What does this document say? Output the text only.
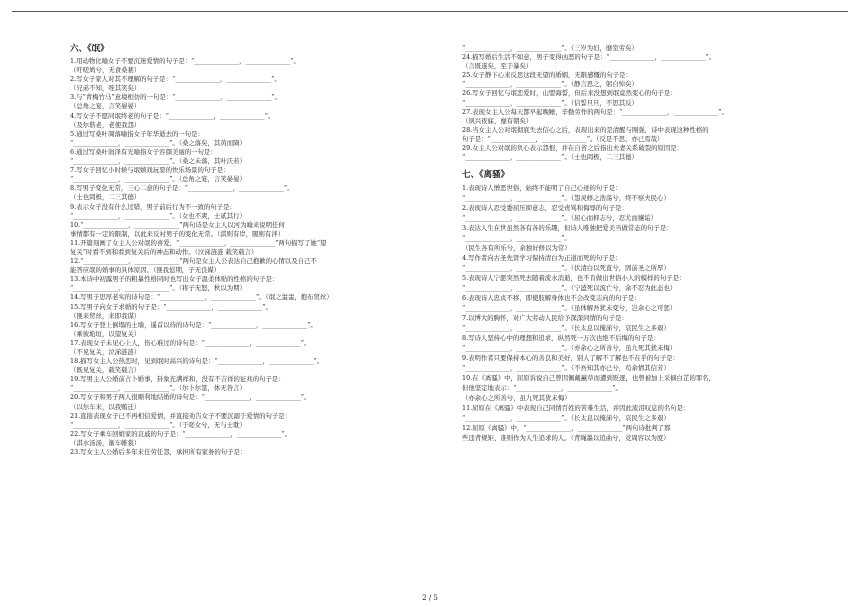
六、《氓》
1.用动物比喻女子不要沉迷爱情的句子是：“______________，______________”。
（吁嗟鸠兮，无食桑葚）
2.写女子家人对其不理解的句子是：“______________，______________”。
（兄弟不知，咥其笑矣）
3.与“青梅竹马”意境相仿的一句是：“______________，______________”。
（总角之宴，言笑晏晏）
4.写女子不愿同氓终老的句子是：“______________，______________”。
（及尔偕老，老使我怨）
5.通过写桑叶凋落喻指女子年华逝去的一句是：
“______________，______________”。（桑之落矣，其黄而陨）
6.通过写桑叶润泽有光喻指女子容颜美丽的一句是：
“______________，______________”。（桑之未落，其叶沃若）
7.写女子回忆小时候与氓嬉戏玩耍的快乐场景的句子是：
“______________，______________”。（总角之宴，言笑晏晏）
8.写男子变化无常，三心二意的句子是：“______________，______________”。
（士也罔极，二三其德）
9.表示女子没有什么过错，男子前后行为不一致的句子是：
“______________，______________”。（女也不爽，士贰其行）
10.“______________，______________”两句诗是女主人以河为喻来说明任何
事情都有一定的限制，以此来反衬男子的变化无常。（淇则有岸，隰则有泮）
11.开篇刻画了女主人公对氓的喜爱，“______________，______________”两句描写了她“望
复关”时看不到和看到复关后的神态和动作。（泣涕涟涟 载笑载言）
12.“______________，______________”两句是女主人公表达自己抱歉的心情以及自己不
能答应氓的婚事的具体原因。（匪我愆期，子无良媒）
13.本诗中初露男子的粗暴性格同时也写出女子温柔体贴的性格的句子是：
“______________，______________”。（将子无怒，秋以为期）
14.写男子思厚老实的诗句是：“______________，______________”。（氓之蚩蚩，抱布贸丝）
15.写男子向女子求婚的句子是：“______________，______________”。
（匪来贸丝，来即我谋）
16.写女子登上倒塌的土墙，遥首以待的诗句是：“______________，______________”。
（乘彼垝垣，以望复关）
17.表现女子未见心上人，伤心难过的诗句是：“______________，______________”。
（不见复关，泣涕涟涟）
18.描写女主人公热恋时，见到氓时高兴的诗句是：“______________，______________”。
（既见复关，载笑载言）
19.写男主人公婚前占卜婚事，卦象充满祥和，没有不吉祥的征兆的句子是：
“______________，______________”。（尔卜尔筮，体无咎言）
20.写女子和男子两人很顺利地结婚的诗句是：“______________，______________”。
（以尔车来，以我贿迁）
21.直接表现女子已不再相信爱情，并直接劝告女子不要沉溺于爱情的句子是：
“______________，______________”。（于嗟女兮，无与士耽）
22.写女子乘车回娘家的哀戚的句子是：“______________，______________”。
（淇水汤汤，渐车帷裳）
23.写女主人公婚后多年来任劳任怨，承担所有家务的句子是：
“______________，______________”。（三岁为妇，靡室劳矣）
24.描写婚后生活不如意，男子变得凶恶的句子是：“______________，______________”。
（言既遂矣，至于暴矣）
25.女子静下心来反思这段无望的婚姻，无限感慨的句子是：
“______________，______________”。（静言思之，躬自悼矣）
26.写女子回忆与氓恋爱时，山盟海誓，但后来没想到氓竟然变心的句子是：
“______________，______________”。（信誓旦旦，不思其反）
27.表现女主人公每天都早起晚睡，辛勤劳作的两句是：“______________，______________”。
（夙兴夜寐，靡有朝矣）
28.当女主人公对氓彻底失去信心之后，表现出来的是清醒与刚强，诗中表现这种性格的
句子是：“______________，______________”。（反是不思，亦已焉哉）
29.女主人公对氓的负心表示怨恨，并在自省之后指出夫妻关系破裂的原因是：
“______________，______________”。（士也罔极，二三其德）
七、《离骚》
1.表现诗人憎恶世俗，始终不能明了自己心迹的句子是：
“______________，______________”。（怨灵修之浩荡兮，终不察夫民心）
2.表现诗人忍受委屈压抑意志，忍受责骂和侮辱的句子是：
“______________，______________”。（屈心而抑志兮，忍尤而攘诟）
3.表达人生在世虽然各有各的乐趣，但诗人唯独把爱美当做常态的句子是：
“______________，______________”。
（民生各有所乐兮，余独好修以为常）
4.写作者向古圣先贤学习保持清白为正道而死的句子是：
“______________，______________”。（伏清白以死直兮，固前圣之所厚）
5.表现诗人宁愿突然死去随着流水消逝，也不肯做出世俗小人的模样的句子是：
“______________，______________”。（宁溘死以流亡兮，余不忍为此态也）
6.表现诗人忠贞不移，即使肢解身体也不会改变志向的句子是：
“______________，______________”。（虽体解吾犹未变兮，岂余心之可惩）
7.以博大的胸怀，对广大劳动人民给予深深同情的句子是：
“______________，______________”。（长太息以掩涕兮，哀民生之多艰）
8.写诗人坚持心中的理想和追求，纵然死一万次也绝不后悔的句子是：
“______________，______________”。（亦余心之所善兮，虽九死其犹未悔）
9.表明作者只要保持本心的善良和美好，别人了解不了解也不在乎的句子是：
“______________，______________”。（不吾知其亦已兮，苟余情其信芳）
10.在《离骚》中，屈原诉说自己曾因佩戴蕙草而遭到贬逐，也曾被加上采摘白芷的罪名，
但他坚定地表示：“______________，______________”。
（亦余心之所善兮，虽九死其犹未悔）
11.屈原在《离骚》中表现自己同情百姓的苦难生活，并因此流泪叹息的名句是：
“______________，______________”。（长太息以掩涕兮，哀民生之多艰）
12.屈原《离骚》中，“______________，______________”两句诗批判了那
些违背规矩、准则作为人生追求的人。（背绳墨以追曲兮，竞周容以为度）
2 / 5
